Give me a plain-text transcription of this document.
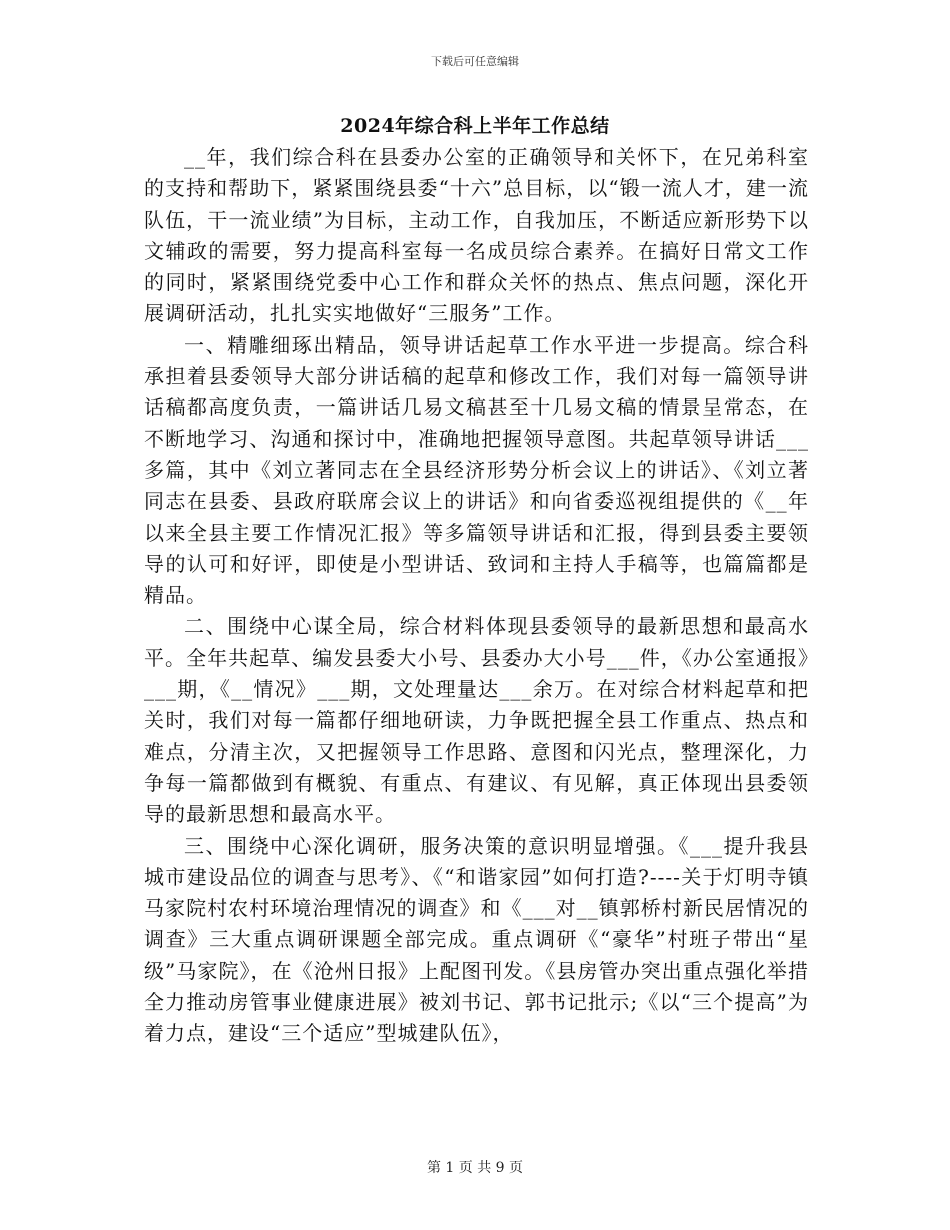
下载后可任意编辑
2024年综合科上半年工作总结

__年，我们综合科在县委办公室的正确领导和关怀下，在兄弟科室的支持和帮助下，紧紧围绕县委“十六”总目标，以“锻一流人才，建一流队伍，干一流业绩”为目标，主动工作，自我加压，不断适应新形势下以文辅政的需要，努力提高科室每一名成员综合素养。在搞好日常文工作的同时，紧紧围绕党委中心工作和群众关怀的热点、焦点问题，深化开展调研活动，扎扎实实地做好“三服务”工作。

一、精雕细琢出精品，领导讲话起草工作水平进一步提高。综合科承担着县委领导大部分讲话稿的起草和修改工作，我们对每一篇领导讲话稿都高度负责，一篇讲话几易文稿甚至十几易文稿的情景呈常态，在不断地学习、沟通和探讨中，准确地把握领导意图。共起草领导讲话___多篇，其中《刘立著同志在全县经济形势分析会议上的讲话》、《刘立著同志在县委、县政府联席会议上的讲话》和向省委巡视组提供的《__年以来全县主要工作情况汇报》等多篇领导讲话和汇报，得到县委主要领导的认可和好评，即使是小型讲话、致词和主持人手稿等，也篇篇都是精品。

二、围绕中心谋全局，综合材料体现县委领导的最新思想和最高水平。全年共起草、编发县委大小号、县委办大小号___件，《办公室通报》___期，《__情况》___期，文处理量达___余万。在对综合材料起草和把关时，我们对每一篇都仔细地研读，力争既把握全县工作重点、热点和难点，分清主次，又把握领导工作思路、意图和闪光点，整理深化，力争每一篇都做到有概貌、有重点、有建议、有见解，真正体现出县委领导的最新思想和最高水平。

三、围绕中心深化调研，服务决策的意识明显增强。《___提升我县城市建设品位的调查与思考》、《“和谐家园”如何打造?----关于灯明寺镇马家院村农村环境治理情况的调查》和《___对__镇郭桥村新民居情况的调查》三大重点调研课题全部完成。重点调研《“豪华”村班子带出“星级”马家院》，在《沧州日报》上配图刊发。《县房管办突出重点强化举措全力推动房管事业健康进展》被刘书记、郭书记批示;《以“三个提高”为着力点，建设“三个适应”型城建队伍》，

第 1 页 共 9 页
